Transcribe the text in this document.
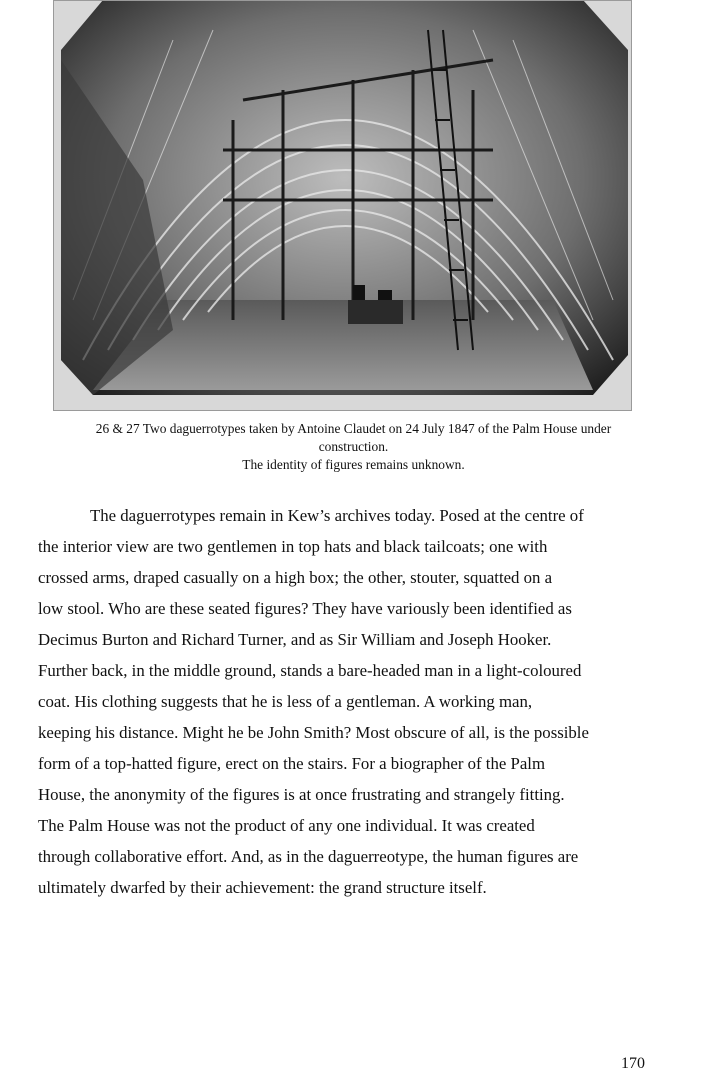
26 & 27 Two daguerrotypes taken by Antoine Claudet on 24 July 1847 of the Palm House under
construction.
The identity of figures remains unknown.
The daguerrotypes remain in Kew’s archives today. Posed at the centre of
the interior view are two gentlemen in top hats and black tailcoats; one with
crossed arms, draped casually on a high box; the other, stouter, squatted on a
low stool. Who are these seated figures? They have variously been identified as
Decimus Burton and Richard Turner, and as Sir William and Joseph Hooker.
Further back, in the middle ground, stands a bare-headed man in a light-coloured
coat. His clothing suggests that he is less of a gentleman. A working man,
keeping his distance. Might he be John Smith? Most obscure of all, is the possible
form of a top-hatted figure, erect on the stairs. For a biographer of the Palm
House, the anonymity of the figures is at once frustrating and strangely fitting.
The Palm House was not the product of any one individual. It was created
through collaborative effort. And, as in the daguerreotype, the human figures are
ultimately dwarfed by their achievement: the grand structure itself.
170
